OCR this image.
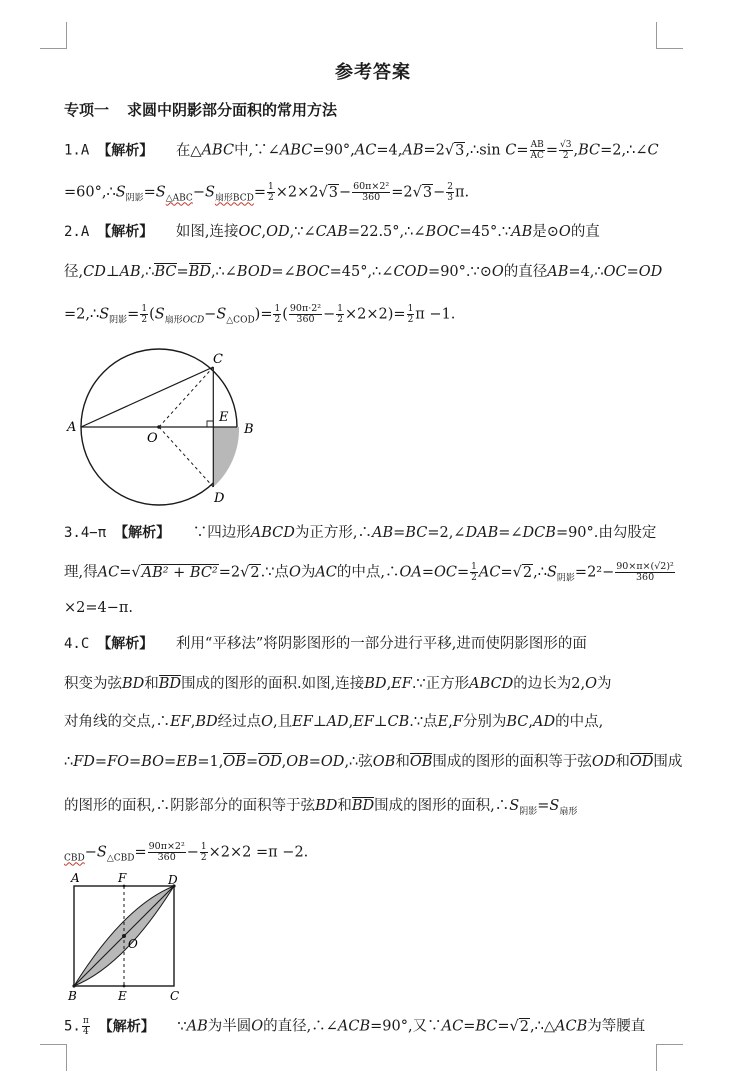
参考答案
专项一 求圆中阴影部分面积的常用方法
1.A 【解析】 在△ABC中,∵∠ABC=90°,AC=4,AB=2√3,∴sin $C= \frac{AB}{AC} = \frac{√3}{2}$ ,BC=2,∴∠C
$=60^\circ,\therefore S_{阴影}=S_{\triangle ABC}-S_{扇形BCD}= \frac{1}{2} \times 2\times 2√3- \frac{\text{60π×2²}}{360} =2√3- \frac{2}{3} \pi$.
2.A 【解析】 如图,连接OC,OD,∵∠CAB=22.5°,∴∠BOC=45°.∵AB是⊙O的直
径,CD⊥AB,∴BC=BD,∴∠BOD=∠BOC=45°,∴∠COD=90°.∵⊙O的直径AB=4,∴OC=OD
$=2,\therefore S_{阴影}= \frac{1}{2} (S_{扇形OCD}-S_{\triangle COD})= \frac{1}{2}$ ( $\frac{\text{90π·2²}}{360} - \frac{1}{2} \times 2\times 2)= \frac{1}{2}$ π −1.
A	B
C
D
E
O
3.4−π 【解析】 ∵四边形ABCD为正方形,∴AB=BC=2,∠DAB=∠DCB=90°.由勾股定
理,得AC=√AB² + BC²=2√2.∵点O为AC的中点,∴OA=OC= $\frac{1}{2}$ $AC=√2,\therefore S_{阴影}=2^2- \frac{\text{90×π×(√2)²}}{360}$
×2=4−π.
4.C 【解析】 利用“平移法”将阴影图形的一部分进行平移,进而使阴影图形的面
积变为弦BD和BD围成的图形的面积.如图,连接BD,EF.∵正方形ABCD的边长为2,O为
对角线的交点,∴EF,BD经过点O,且EF⊥AD,EF⊥CB.∵点E,F分别为BC,AD的中点,
∴FD=FO=BO=EB=1,OB=OD,OB=OD,∴弦OB和OB围成的图形的面积等于弦OD和OD围成
的图形的面积,∴阴影部分的面积等于弦BD和BD围成的图形的面积$,\therefore S_{阴影}=S_{扇形}$
$_{CBD}-S_{\triangle CBD}= \frac{\text{90π×2²}}{360} - \frac{1}{2} \times 2\times 2 =\pi -2$.
A	F	D
O
B	E	C
5. $\frac{\pi}{4}$ 【解析】 ∵AB为半圆O的直径,∴∠ACB=90°,又∵AC=BC=√2,∴△ACB为等腰直
